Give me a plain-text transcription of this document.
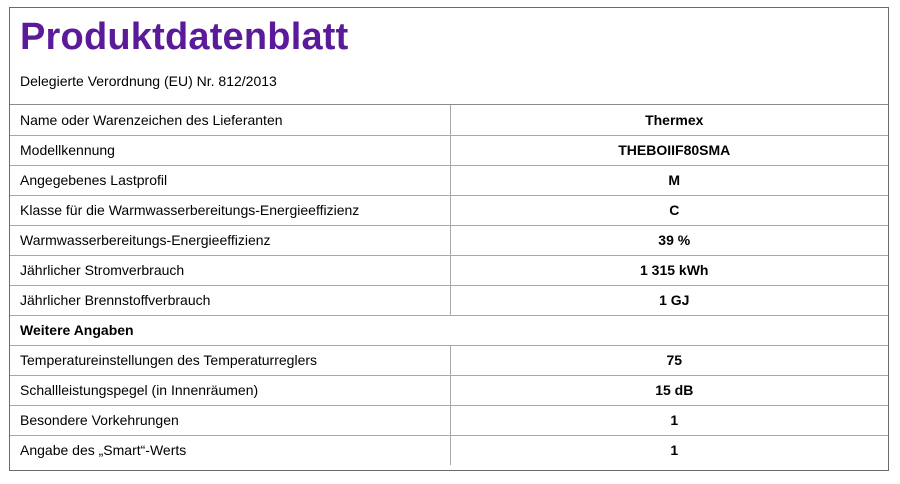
Produktdatenblatt
Delegierte Verordnung (EU) Nr. 812/2013
Name oder Warenzeichen des Lieferanten	Thermex
Modellkennung	THEBOIIF80SMA
Angegebenes Lastprofil	M
Klasse für die Warmwasserbereitungs-Energieeffizienz	C
Warmwasserbereitungs-Energieeffizienz	39 %
Jährlicher Stromverbrauch	1 315 kWh
Jährlicher Brennstoffverbrauch	1 GJ
Weitere Angaben	
Temperatureinstellungen des Temperaturreglers	75
Schallleistungspegel (in Innenräumen)	15 dB
Besondere Vorkehrungen	1
Angabe des „Smart“-Werts	1
